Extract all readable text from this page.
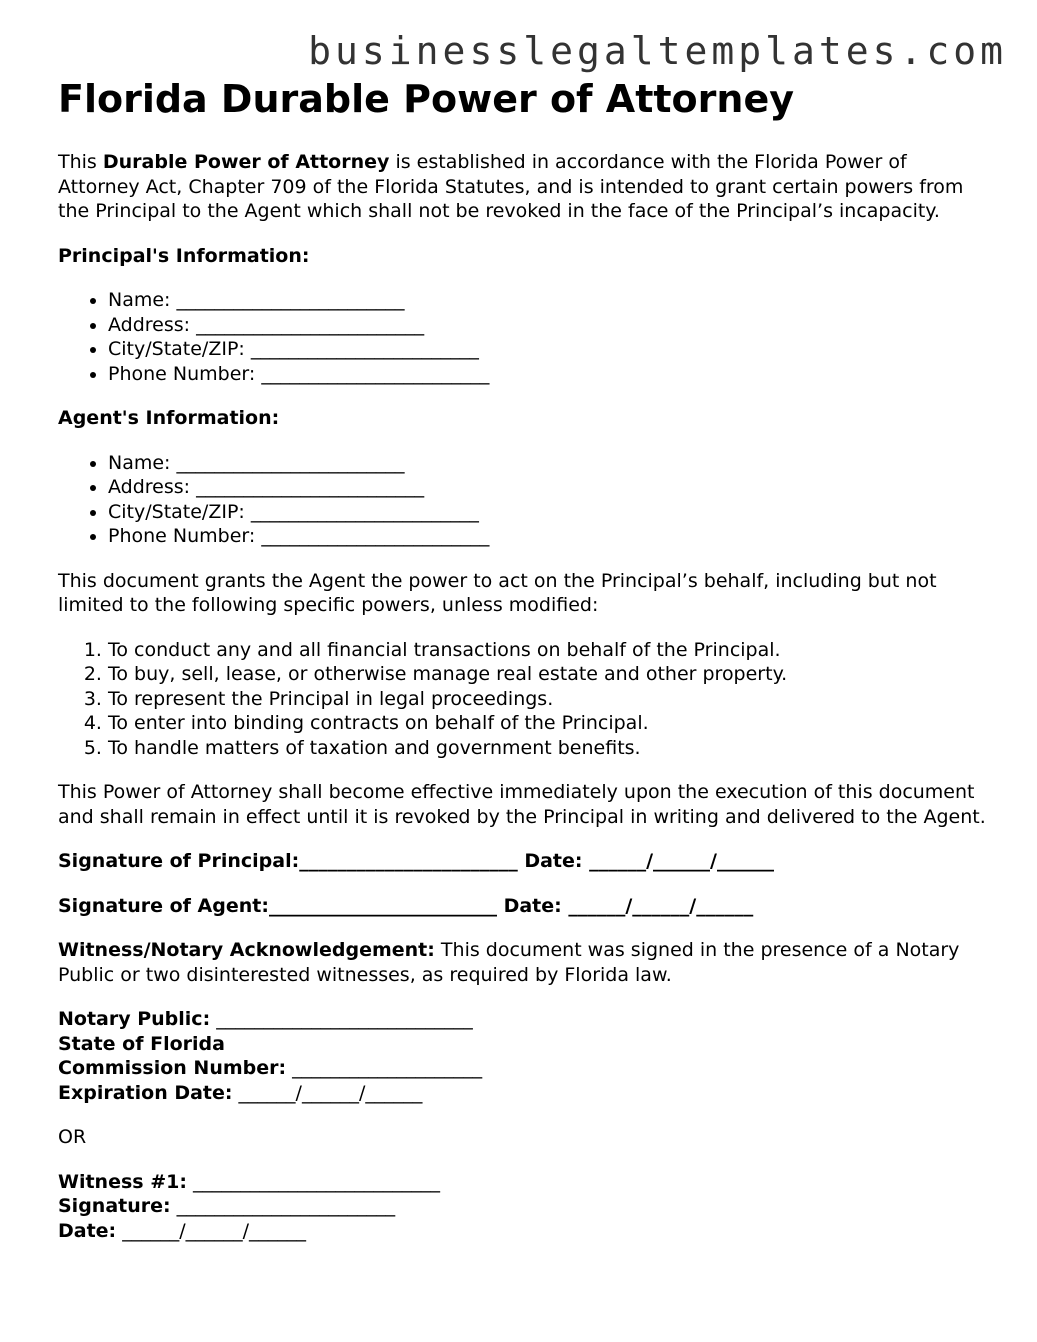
businesslegaltemplates.com
Florida Durable Power of Attorney

This Durable Power of Attorney is established in accordance with the Florida Power of Attorney Act, Chapter 709 of the Florida Statutes, and is intended to grant certain powers from the Principal to the Agent which shall not be revoked in the face of the Principal’s incapacity.

Principal's Information:
• Name: ________________________
• Address: ________________________
• City/State/ZIP: ________________________
• Phone Number: ________________________
Agent's Information:
• Name: ________________________
• Address: ________________________
• City/State/ZIP: ________________________
• Phone Number: ________________________

This document grants the Agent the power to act on the Principal’s behalf, including but not limited to the following specific powers, unless modified:

1. To conduct any and all financial transactions on behalf of the Principal.
2. To buy, sell, lease, or otherwise manage real estate and other property.
3. To represent the Principal in legal proceedings.
4. To enter into binding contracts on behalf of the Principal.
5. To handle matters of taxation and government benefits.

This Power of Attorney shall become effective immediately upon the execution of this document and shall remain in effect until it is revoked by the Principal in writing and delivered to the Agent.

Signature of Principal:_______________________ Date: ______/______/______
Signature of Agent:________________________ Date: ______/______/______

Witness/Notary Acknowledgement: This document was signed in the presence of a Notary Public or two disinterested witnesses, as required by Florida law.

Notary Public: ___________________________
State of Florida
Commission Number: ____________________
Expiration Date: ______/______/______

OR

Witness #1: __________________________
Signature: _______________________
Date: ______/______/______
